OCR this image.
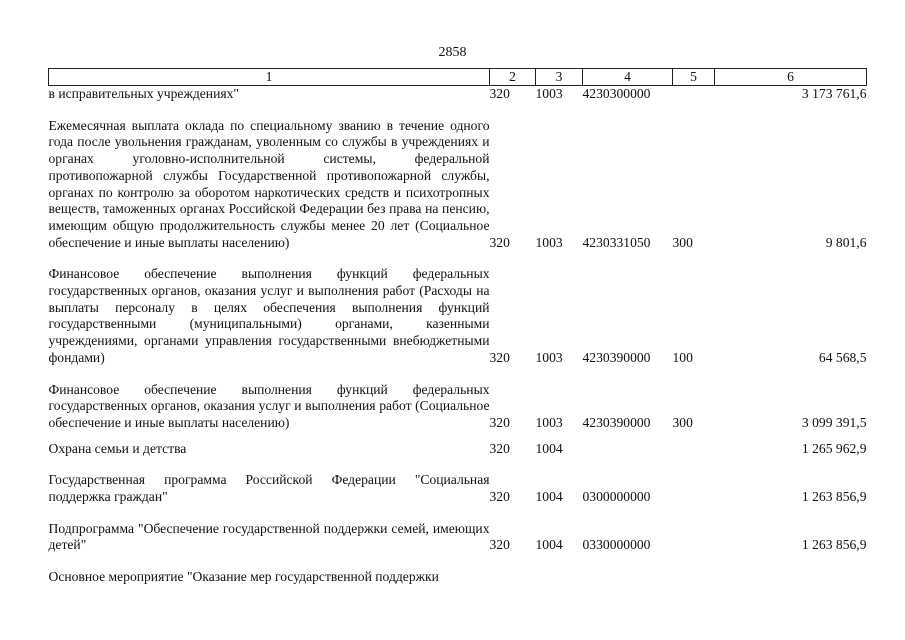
2858
1	2	3	4	5	6
в исправительных учреждениях"	320	1003	4230300000		3 173 761,6

Ежемесячная выплата оклада по специальному званию в течение одного года после увольнения гражданам, уволенным со службы в учреждениях и органах уголовно-исполнительной системы, федеральной противопожарной службы Государственной противопожарной службы, органах по контролю за оборотом наркотических средств и психотропных веществ, таможенных органах Российской Федерации без права на пенсию, имеющим общую продолжительность службы менее 20 лет (Социальное обеспечение и иные выплаты населению)	320	1003	4230331050	300	9 801,6

Финансовое обеспечение выполнения функций федеральных государственных органов, оказания услуг и выполнения работ (Расходы на выплаты персоналу в целях обеспечения выполнения функций государственными (муниципальными) органами, казенными учреждениями, органами управления государственными внебюджетными фондами)	320	1003	4230390000	100	64 568,5

Финансовое обеспечение выполнения функций федеральных государственных органов, оказания услуг и выполнения работ (Социальное обеспечение и иные выплаты населению)	320	1003	4230390000	300	3 099 391,5

Охрана семьи и детства	320	1004			1 265 962,9

Государственная программа Российской Федерации "Социальная поддержка граждан"	320	1004	0300000000		1 263 856,9

Подпрограмма "Обеспечение государственной поддержки семей, имеющих детей"	320	1004	0330000000		1 263 856,9

Основное мероприятие "Оказание мер государственной поддержки					
